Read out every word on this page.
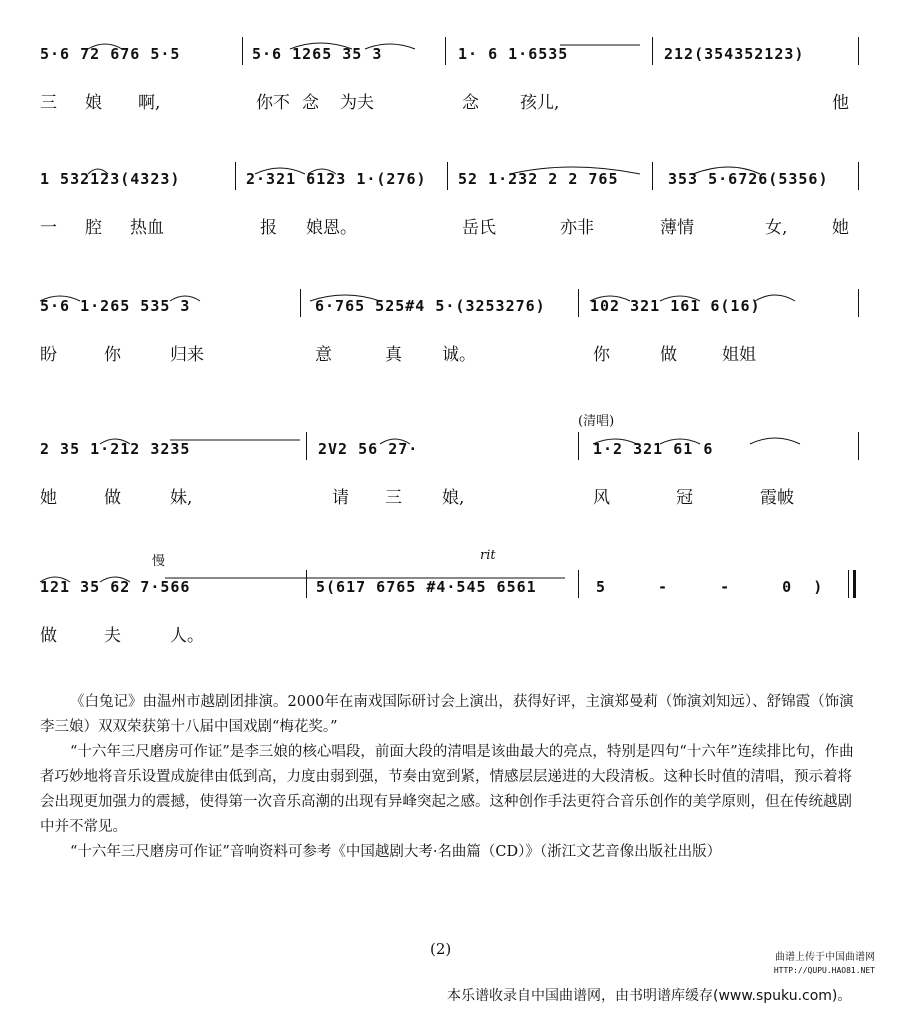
5·6 72 676 5·5

	5·6 1265 35 3

	1· 6 1·6535

	212(354352123)

三 娘 啊,	你不 念 为夫	念 孩儿,	他

1 532123(4323)

	2·321 6123 1·(276)

52 1·232 2 2 765

	353 5·6726(5356)

一 腔 热血	报 娘恩。	岳氏	亦非	薄情	女,	她

5·6 1·265 535 3

	6·765 525#4 5·(3253276)

	102 321 161 6(16)

盼	你	归来	意	真 诚。	你	做	姐姐
(清唱)

2 35 1·212 3235

	2V2 56 27·

	1·2 321 61 6

她	做	妹,	请 三 娘,	风	冠	霞帔
慢	rit

121 35 62 7·566

	5(617 6765 #4·545 6561

	5 - - 0)

做	夫	人。
《白兔记》由温州市越剧团排演。2000年在南戏国际研讨会上演出，获得好评，主演郑曼莉（饰演刘知远）、舒锦霞（饰演李三娘）双双荣获第十八届中国戏剧“梅花奖。”
“十六年三尺磨房可作证”是李三娘的核心唱段，前面大段的清唱是该曲最大的亮点，特别是四句“十六年”连续排比句，作曲者巧妙地将音乐设置成旋律由低到高，力度由弱到强，节奏由宽到紧，情感层层递进的大段清板。这种长时值的清唱，预示着将会出现更加强力的震撼，使得第一次音乐高潮的出现有异峰突起之感。这种创作手法更符合音乐创作的美学原则，但在传统越剧中并不常见。
“十六年三尺磨房可作证”音响资料可参考《中国越剧大考·名曲篇（CD）》（浙江文艺音像出版社出版）
(2)	曲谱上传于中国曲谱网
HTTP://QUPU.HAO81.NET
本乐谱收录自中国曲谱网，由书明谱库缓存(www.spuku.com)。
